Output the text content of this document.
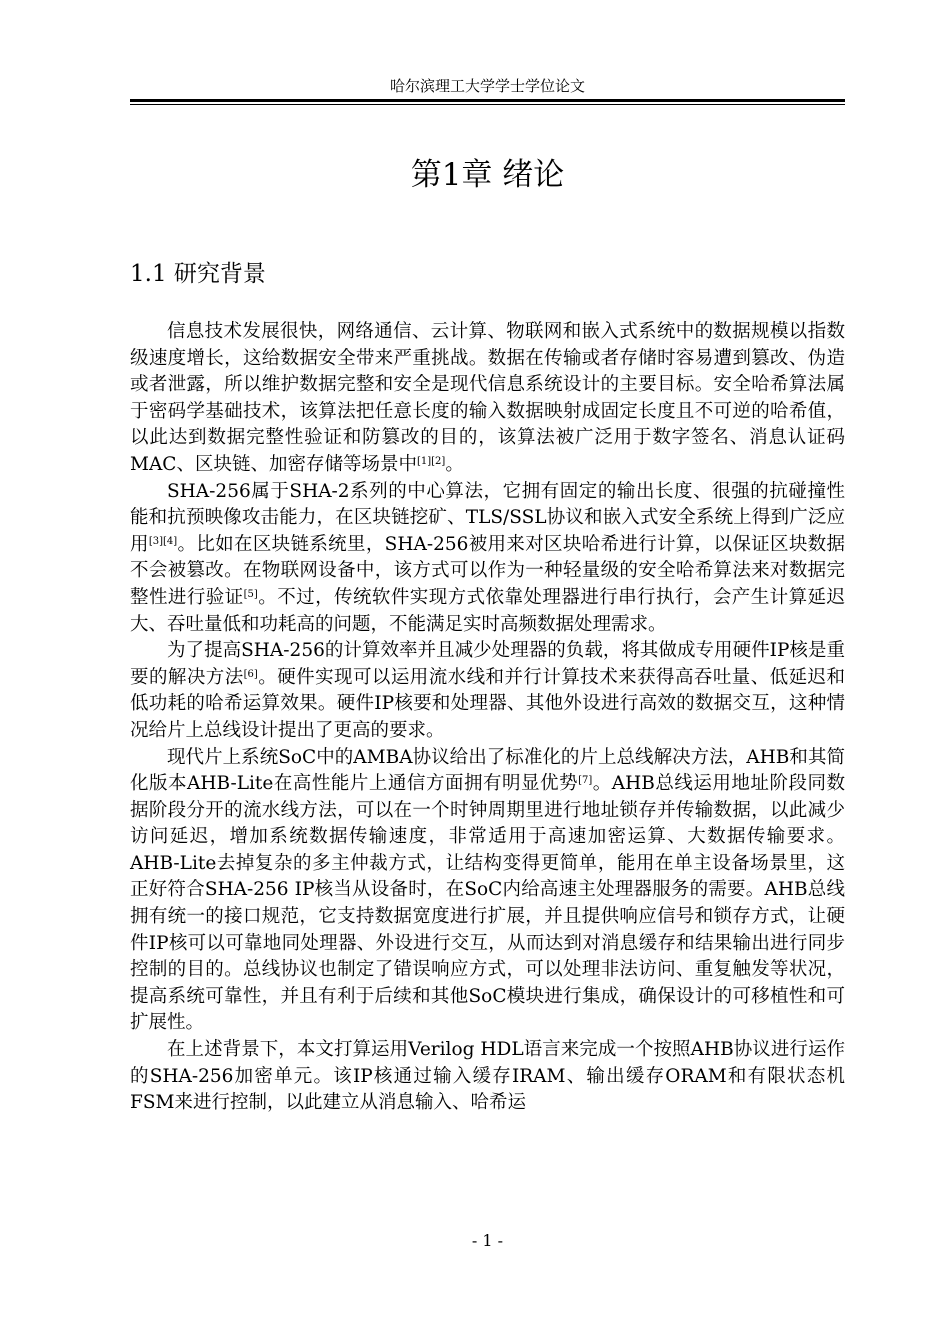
哈尔滨理工大学学士学位论文
第1章 绪论
1.1 研究背景

信息技术发展很快，网络通信、云计算、物联网和嵌入式系统中的数据规模以指数级速度增长，这给数据安全带来严重挑战。数据在传输或者存储时容易遭到篡改、伪造或者泄露，所以维护数据完整和安全是现代信息系统设计的主要目标。安全哈希算法属于密码学基础技术，该算法把任意长度的输入数据映射成固定长度且不可逆的哈希值，以此达到数据完整性验证和防篡改的目的，该算法被广泛用于数字签名、消息认证码MAC、区块链、加密存储等场景中[1][2]。

SHA-256属于SHA-2系列的中心算法，它拥有固定的输出长度、很强的抗碰撞性能和抗预映像攻击能力，在区块链挖矿、TLS/SSL协议和嵌入式安全系统上得到广泛应用[3][4]。比如在区块链系统里，SHA-256被用来对区块哈希进行计算，以保证区块数据不会被篡改。在物联网设备中，该方式可以作为一种轻量级的安全哈希算法来对数据完整性进行验证[5]。不过，传统软件实现方式依靠处理器进行串行执行，会产生计算延迟大、吞吐量低和功耗高的问题，不能满足实时高频数据处理需求。

为了提高SHA-256的计算效率并且减少处理器的负载，将其做成专用硬件IP核是重要的解决方法[6]。硬件实现可以运用流水线和并行计算技术来获得高吞吐量、低延迟和低功耗的哈希运算效果。硬件IP核要和处理器、其他外设进行高效的数据交互，这种情况给片上总线设计提出了更高的要求。

现代片上系统SoC中的AMBA协议给出了标准化的片上总线解决方法，AHB和其简化版本AHB-Lite在高性能片上通信方面拥有明显优势[7]。AHB总线运用地址阶段同数据阶段分开的流水线方法，可以在一个时钟周期里进行地址锁存并传输数据，以此减少访问延迟，增加系统数据传输速度，非常适用于高速加密运算、大数据传输要求。AHB-Lite去掉复杂的多主仲裁方式，让结构变得更简单，能用在单主设备场景里，这正好符合SHA-256 IP核当从设备时，在SoC内给高速主处理器服务的需要。AHB总线拥有统一的接口规范，它支持数据宽度进行扩展，并且提供响应信号和锁存方式，让硬件IP核可以可靠地同处理器、外设进行交互，从而达到对消息缓存和结果输出进行同步控制的目的。总线协议也制定了错误响应方式，可以处理非法访问、重复触发等状况，提高系统可靠性，并且有利于后续和其他SoC模块进行集成，确保设计的可移植性和可扩展性。

在上述背景下，本文打算运用Verilog HDL语言来完成一个按照AHB协议进行运作的SHA-256加密单元。该IP核通过输入缓存IRAM、输出缓存ORAM和有限状态机FSM来进行控制，以此建立从消息输入、哈希运

- 1 -
